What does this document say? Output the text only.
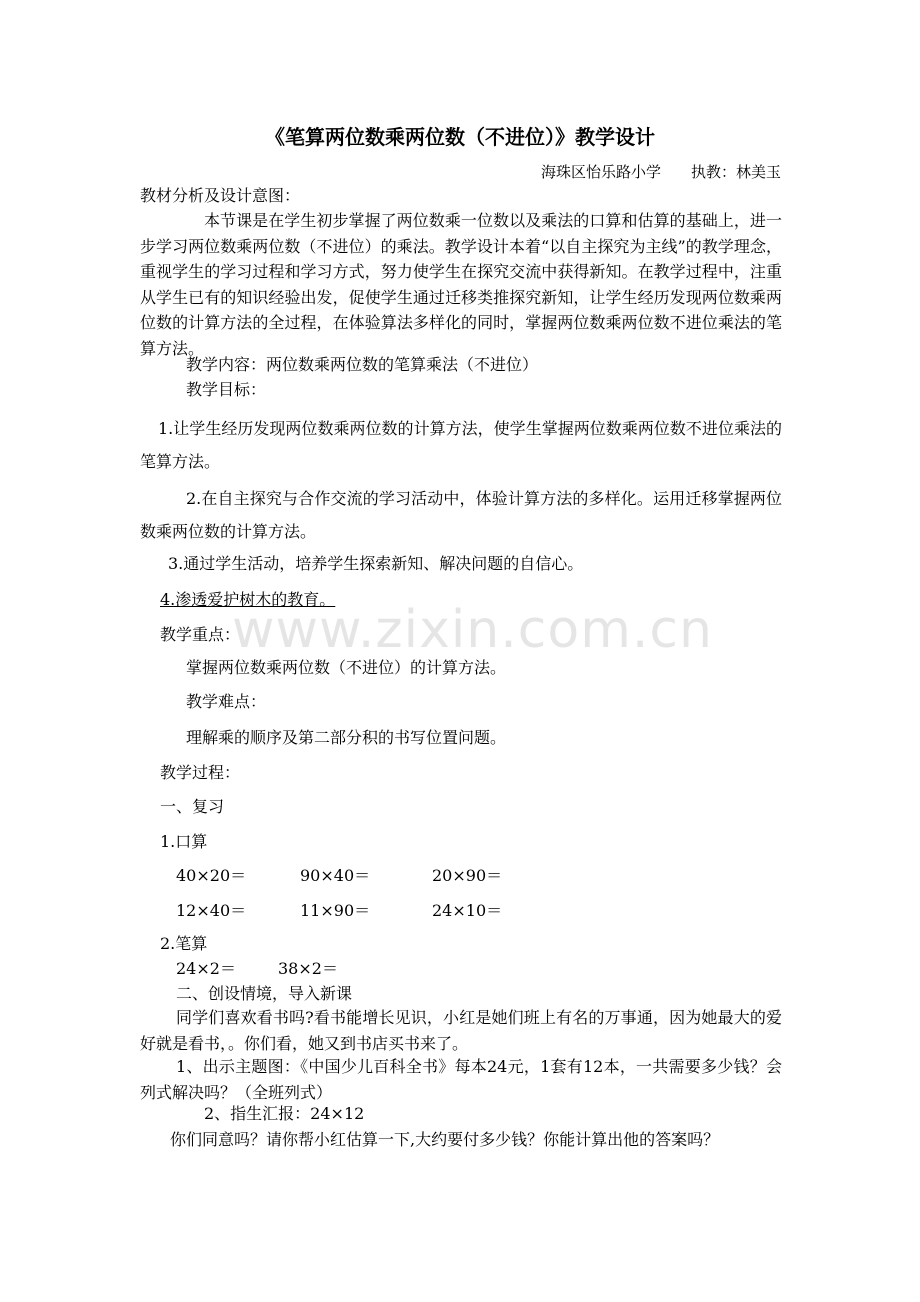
《笔算两位数乘两位数（不进位）》教学设计
海珠区怡乐路小学　　执教：林美玉
教材分析及设计意图：
本节课是在学生初步掌握了两位数乘一位数以及乘法的口算和估算的基础上，进一步学习两位数乘两位数（不进位）的乘法。教学设计本着“以自主探究为主线”的教学理念，重视学生的学习过程和学习方式，努力使学生在探究交流中获得新知。在教学过程中，注重从学生已有的知识经验出发，促使学生通过迁移类推探究新知，让学生经历发现两位数乘两位数的计算方法的全过程，在体验算法多样化的同时，掌握两位数乘两位数不进位乘法的笔算方法。
教学内容：两位数乘两位数的笔算乘法（不进位）
教学目标：
1.让学生经历发现两位数乘两位数的计算方法，使学生掌握两位数乘两位数不进位乘法的笔算方法。
2.在自主探究与合作交流的学习活动中，体验计算方法的多样化。运用迁移掌握两位数乘两位数的计算方法。
3.通过学生活动，培养学生探索新知、解决问题的自信心。
4.渗透爱护树木的教育。
教学重点：
掌握两位数乘两位数（不进位）的计算方法。
教学难点：
理解乘的顺序及第二部分积的书写位置问题。
教学过程：
一、复习
1.口算
40×20＝	90×40＝	20×90＝
12×40＝	11×90＝	24×10＝
2.笔算
24×2＝	38×2＝
二、创设情境，导入新课
同学们喜欢看书吗?看书能增长见识，小红是她们班上有名的万事通，因为她最大的爱好就是看书，。你们看，她又到书店买书来了。
1、出示主题图：《中国少儿百科全书》每本24元，1套有12本，一共需要多少钱？会列式解决吗？（全班列式）
2、指生汇报：24×12
你们同意吗？请你帮小红估算一下,大约要付多少钱？你能计算出他的答案吗？
www.zixin.com.cn
